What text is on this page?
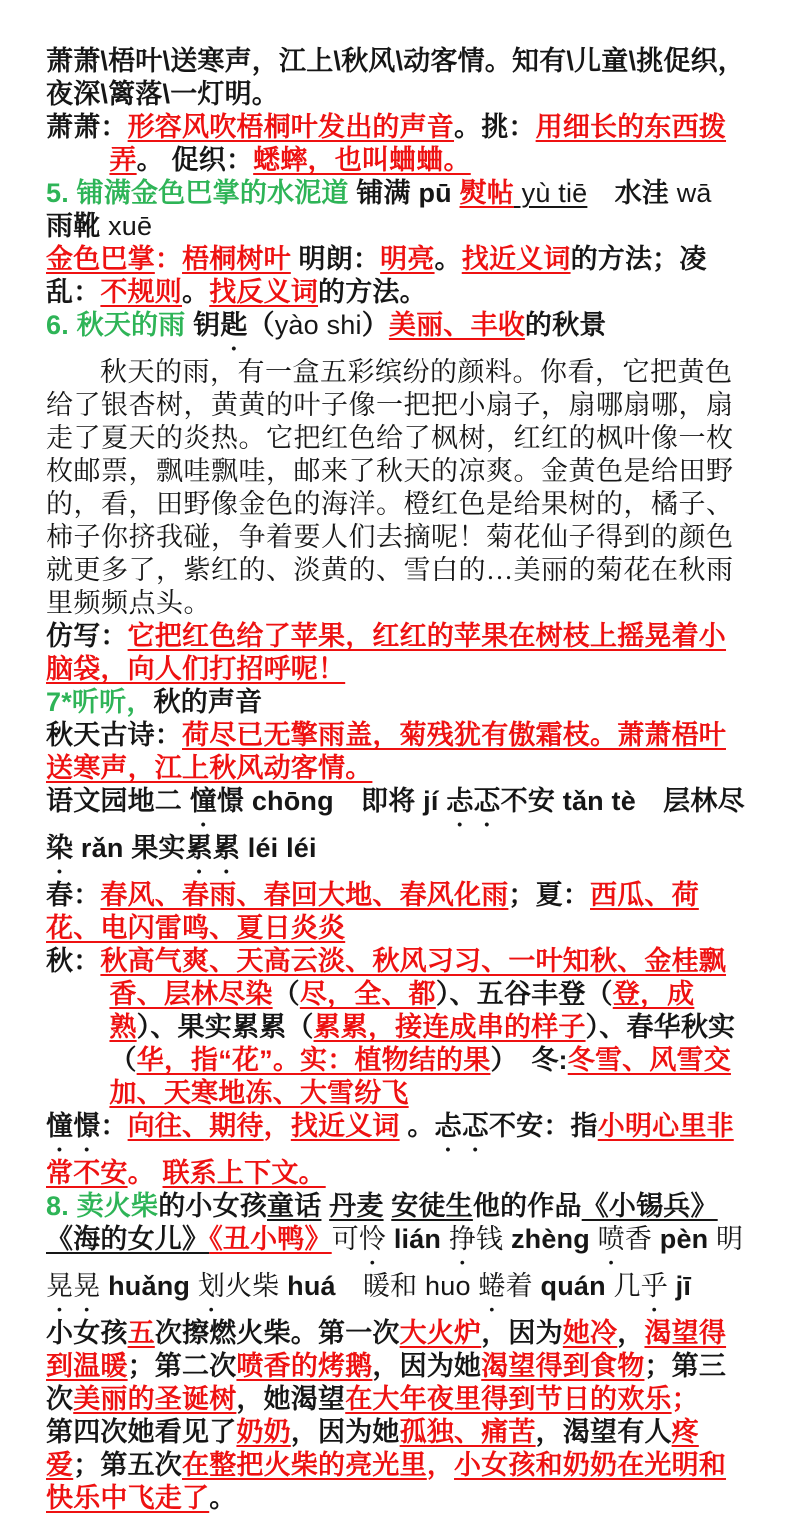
萧萧\梧叶\送寒声，江上\秋风\动客情。知有\儿童\挑促织，夜深\篱落\一灯明。

萧萧：形容风吹梧桐叶发出的声音。挑：用细长的东西拨弄。 促织：蟋蟀，也叫蛐蛐。

5. 铺满金色巴掌的水泥道 铺满 pū 熨帖 yù tiē　水洼 wā　雨靴 xuē

金色巴掌：梧桐树叶 明朗：明亮。找近义词的方法；凌乱：不规则。找反义词的方法。

6. 秋天的雨 钥匙（yào shi）美丽、丰收的秋景

秋天的雨，有一盒五彩缤纷的颜料。你看，它把黄色给了银杏树，黄黄的叶子像一把把小扇子，扇哪扇哪，扇走了夏天的炎热。它把红色给了枫树，红红的枫叶像一枚枚邮票，飘哇飘哇，邮来了秋天的凉爽。金黄色是给田野的，看，田野像金色的海洋。橙红色是给果树的，橘子、柿子你挤我碰，争着要人们去摘呢！菊花仙子得到的颜色就更多了，紫红的、淡黄的、雪白的…美丽的菊花在秋雨里频频点头。

仿写：它把红色给了苹果，红红的苹果在树枝上摇晃着小脑袋，向人们打招呼呢！

7*听听，秋的声音

秋天古诗：荷尽已无擎雨盖，菊残犹有傲霜枝。萧萧梧叶送寒声，江上秋风动客情。

语文园地二 憧憬 chōng　即将 jí 忐忑不安 tǎn tè　层林尽染 rǎn 果实累累 léi léi

春：春风、春雨、春回大地、春风化雨；夏：西瓜、荷花、电闪雷鸣、夏日炎炎

秋：秋高气爽、天高云淡、秋风习习、一叶知秋、金桂飘香、层林尽染（尽，全、都）、五谷丰登（登，成熟）、果实累累（累累，接连成串的样子）、春华秋实（华，指“花”。实：植物结的果）　冬:冬雪、风雪交加、天寒地冻、大雪纷飞

憧憬：向往、期待，找近义词 。忐忑不安：指小明心里非常不安。 联系上下文。

8. 卖火柴的小女孩童话 丹麦 安徒生他的作品《小锡兵》《海的女儿》《丑小鸭》可怜 lián 挣钱 zhèng 喷香 pèn 明晃晃 huǎng 划火柴 huá　暖和 huo 蜷着 quán 几乎 jī

小女孩五次擦燃火柴。第一次大火炉，因为她冷，渴望得到温暖；第二次喷香的烤鹅，因为她渴望得到食物；第三次美丽的圣诞树，她渴望在大年夜里得到节日的欢乐；

第四次她看见了奶奶，因为她孤独、痛苦，渴望有人疼爱；第五次在整把火柴的亮光里，小女孩和奶奶在光明和快乐中飞走了。
